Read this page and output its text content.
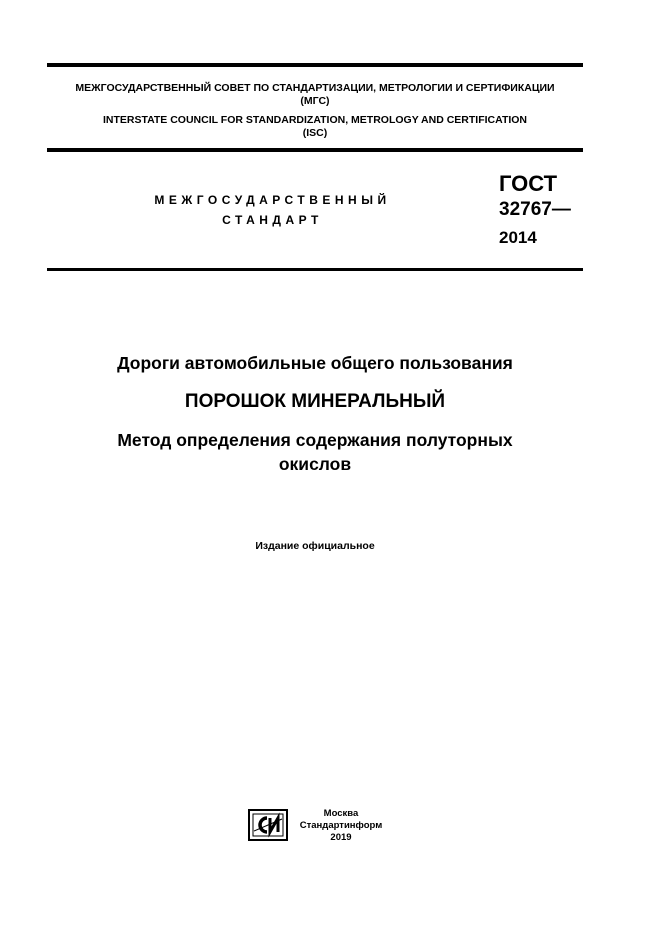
МЕЖГОСУДАРСТВЕННЫЙ СОВЕТ ПО СТАНДАРТИЗАЦИИ, МЕТРОЛОГИИ И СЕРТИФИКАЦИИ
(МГС)
INTERSTATE COUNCIL FOR STANDARDIZATION, METROLOGY AND CERTIFICATION
(ISC)
МЕЖГОСУДАРСТВЕННЫЙ
СТАНДАРТ
ГОСТ
32767—
2014
Дороги автомобильные общего пользования
ПОРОШОК МИНЕРАЛЬНЫЙ
Метод определения содержания полуторных
окислов
Издание официальное
Москва
Стандартинформ
2019
